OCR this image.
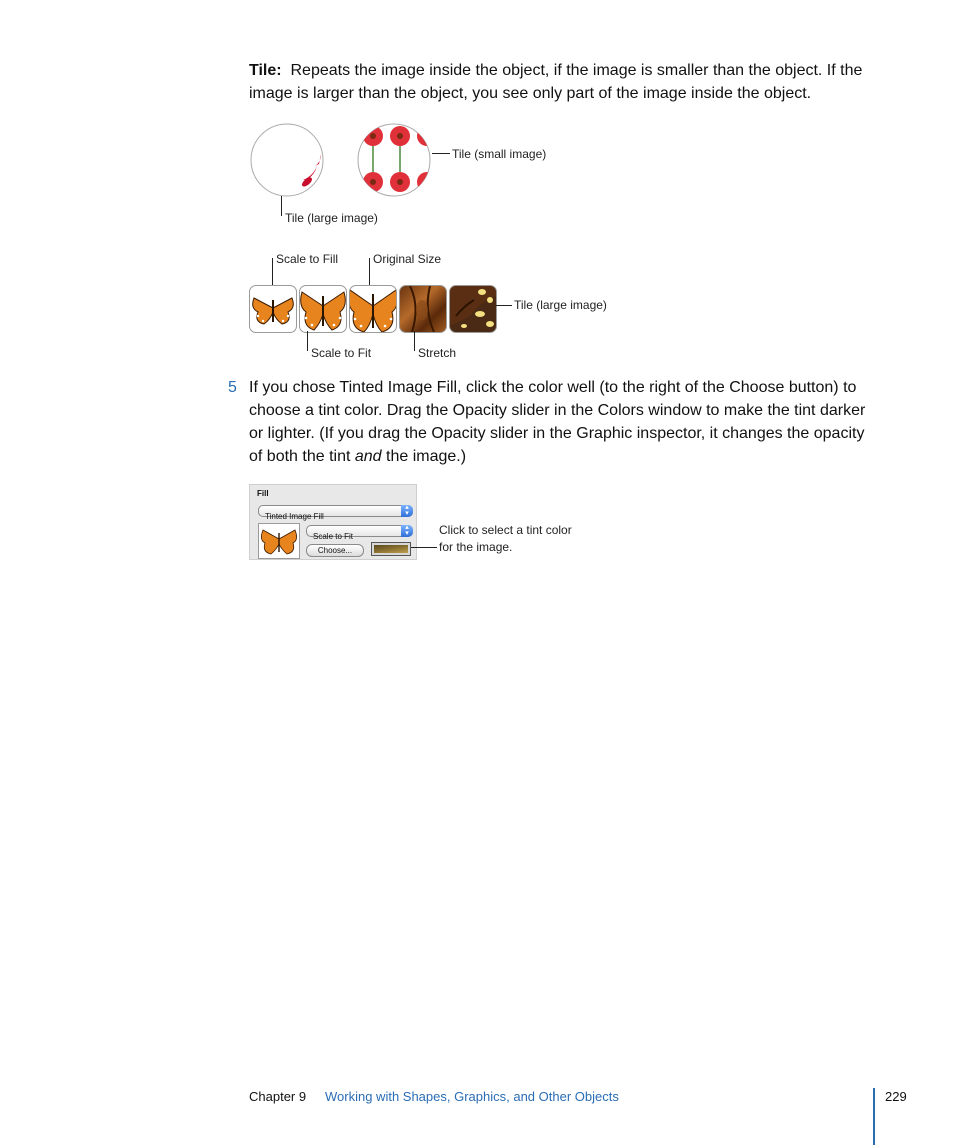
Tile: Repeats the image inside the object, if the image is smaller than the object. If the image is larger than the object, you see only part of the image inside the object.
Tile (small image)
Tile (large image)
Scale to Fill	Original Size
Tile (large image)
Scale to Fit	Stretch
5 If you chose Tinted Image Fill, click the color well (to the right of the Choose button) to choose a tint color. Drag the Opacity slider in the Colors window to make the tint darker or lighter. (If you drag the Opacity slider in the Graphic inspector, it changes the opacity of both the tint and the image.)
Fill
Tinted Image Fill
▴
▾
Scale to Fit
▴
▾
Choose...
Click to select a tint color
for the image.
Chapter 9 Working with Shapes, Graphics, and Other Objects	229
